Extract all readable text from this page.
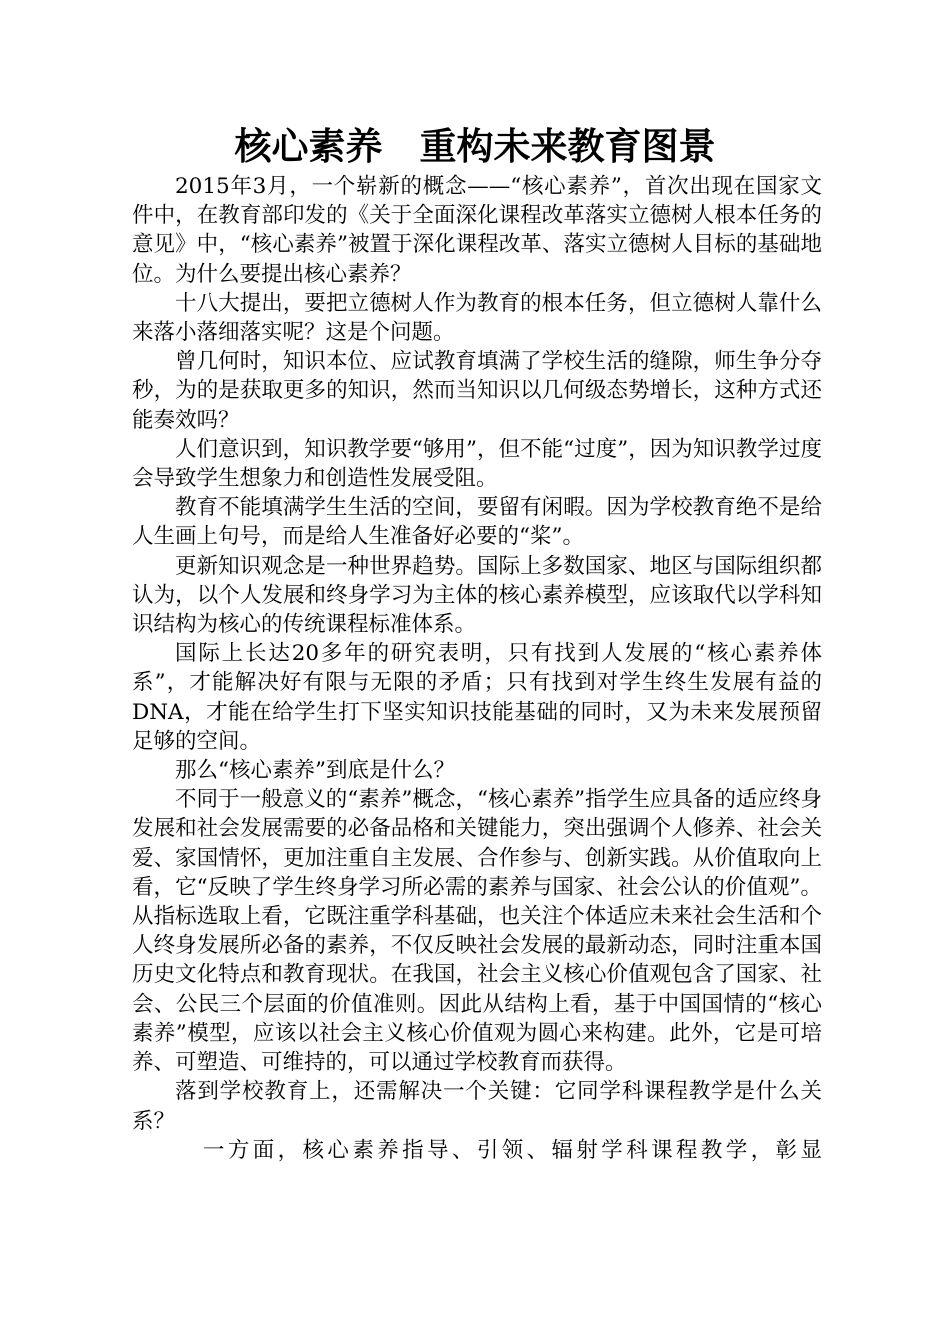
核心素养　重构未来教育图景

2015年3月，一个崭新的概念——“核心素养”，首次出现在国家文件中，在教育部印发的《关于全面深化课程改革落实立德树人根本任务的意见》中，“核心素养”被置于深化课程改革、落实立德树人目标的基础地位。为什么要提出核心素养？

十八大提出，要把立德树人作为教育的根本任务，但立德树人靠什么来落小落细落实呢？这是个问题。

曾几何时，知识本位、应试教育填满了学校生活的缝隙，师生争分夺秒，为的是获取更多的知识，然而当知识以几何级态势增长，这种方式还能奏效吗？

人们意识到，知识教学要“够用”，但不能“过度”，因为知识教学过度会导致学生想象力和创造性发展受阻。

教育不能填满学生生活的空间，要留有闲暇。因为学校教育绝不是给人生画上句号，而是给人生准备好必要的“桨”。

更新知识观念是一种世界趋势。国际上多数国家、地区与国际组织都认为，以个人发展和终身学习为主体的核心素养模型，应该取代以学科知识结构为核心的传统课程标准体系。

国际上长达20多年的研究表明，只有找到人发展的“核心素养体系”，才能解决好有限与无限的矛盾；只有找到对学生终生发展有益的DNA，才能在给学生打下坚实知识技能基础的同时，又为未来发展预留足够的空间。

那么“核心素养”到底是什么？

不同于一般意义的“素养”概念，“核心素养”指学生应具备的适应终身发展和社会发展需要的必备品格和关键能力，突出强调个人修养、社会关爱、家国情怀，更加注重自主发展、合作参与、创新实践。从价值取向上看，它“反映了学生终身学习所必需的素养与国家、社会公认的价值观”。从指标选取上看，它既注重学科基础，也关注个体适应未来社会生活和个人终身发展所必备的素养，不仅反映社会发展的最新动态，同时注重本国历史文化特点和教育现状。在我国，社会主义核心价值观包含了国家、社会、公民三个层面的价值准则。因此从结构上看，基于中国国情的“核心素养”模型，应该以社会主义核心价值观为圆心来构建。此外，它是可培养、可塑造、可维持的，可以通过学校教育而获得。

落到学校教育上，还需解决一个关键：它同学科课程教学是什么关系？

一方面，核心素养指导、引领、辐射学科课程教学，彰显
